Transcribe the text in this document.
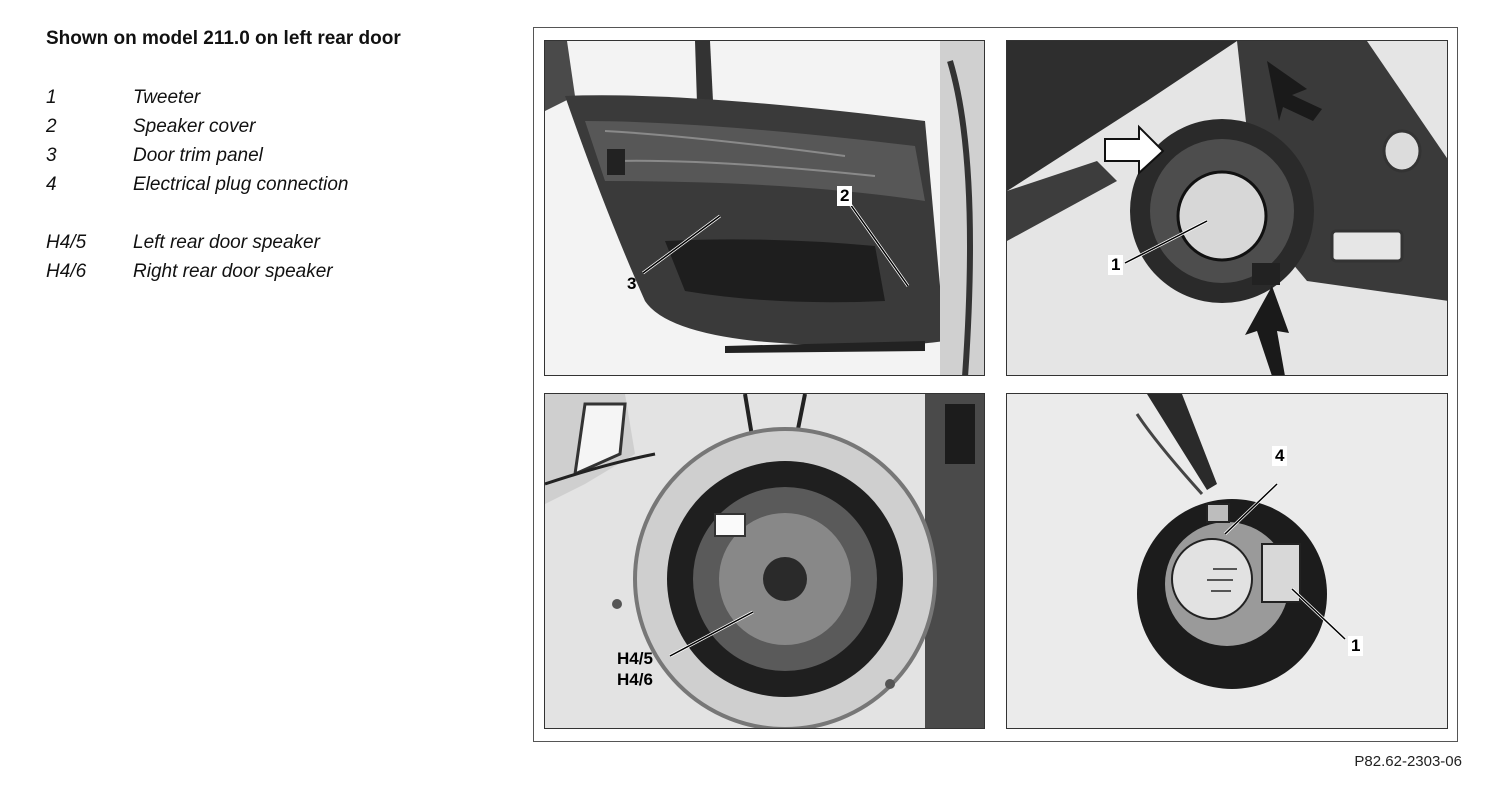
Shown on model 211.0 on left rear door
1	Tweeter
2	Speaker cover
3	Door trim panel
4	Electrical plug connection
H4/5 Left rear door speaker
H4/6 Right rear door speaker
3
2
1
H4/5
H4/6
4
1
P82.62-2303-06
